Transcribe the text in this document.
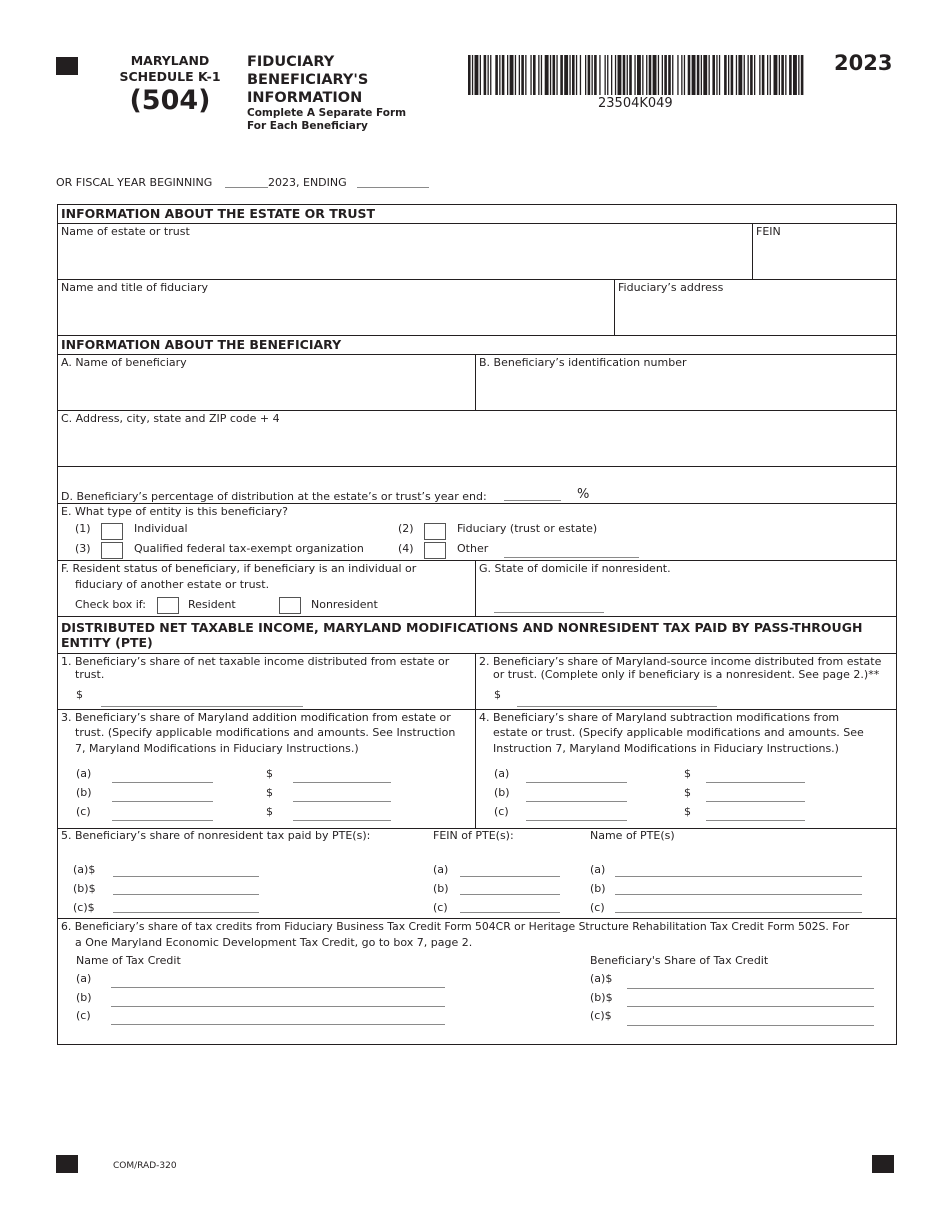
MARYLAND
SCHEDULE K-1
(504)
FIDUCIARY
BENEFICIARY'S
INFORMATION
Complete A Separate Form
For Each Beneficiary
23504K049
2023
OR FISCAL YEAR BEGINNING	2023, ENDING
INFORMATION ABOUT THE ESTATE OR TRUST
Name of estate or trust	FEIN
Name and title of fiduciary	Fiduciary’s address
INFORMATION ABOUT THE BENEFICIARY
A. Name of beneficiary	B. Beneficiary’s identification number
C. Address, city, state and ZIP code + 4
D. Beneficiary’s percentage of distribution at the estate’s or trust’s year end:	%
E. What type of entity is this beneficiary?
(1)	Individual	(2)	Fiduciary (trust or estate)
(3)	Qualified federal tax-exempt organization	(4)	Other
F. Resident status of beneficiary, if beneficiary is an individual or
fiduciary of another estate or trust.
Check box if:	Resident	Nonresident
G. State of domicile if nonresident.
DISTRIBUTED NET TAXABLE INCOME, MARYLAND MODIFICATIONS AND NONRESIDENT TAX PAID BY PASS-THROUGH
ENTITY (PTE)
1. Beneficiary’s share of net taxable income distributed from estate or
trust.
$
2. Beneficiary’s share of Maryland-source income distributed from estate
or trust. (Complete only if beneficiary is a nonresident. See page 2.)**
$
3. Beneficiary’s share of Maryland addition modification from estate or
trust. (Specify applicable modifications and amounts. See Instruction
7, Maryland Modifications in Fiduciary Instructions.)
4. Beneficiary’s share of Maryland subtraction modifications from
estate or trust. (Specify applicable modifications and amounts. See
Instruction 7, Maryland Modifications in Fiduciary Instructions.)
(a)	$
(b)	$
(c)	$
(a)	$
(b)	$
(c)	$
5. Beneficiary’s share of nonresident tax paid by PTE(s):	FEIN of PTE(s):	Name of PTE(s)
(a)$	(a)	(a)
(b)$	(b)	(b)
(c)$	(c)	(c)
6. Beneficiary’s share of tax credits from Fiduciary Business Tax Credit Form 504CR or Heritage Structure Rehabilitation Tax Credit Form 502S. For
a One Maryland Economic Development Tax Credit, go to box 7, page 2.
Name of Tax Credit	Beneficiary's Share of Tax Credit
(a)	(a)$
(b)	(b)$
(c)	(c)$
COM/RAD-320
